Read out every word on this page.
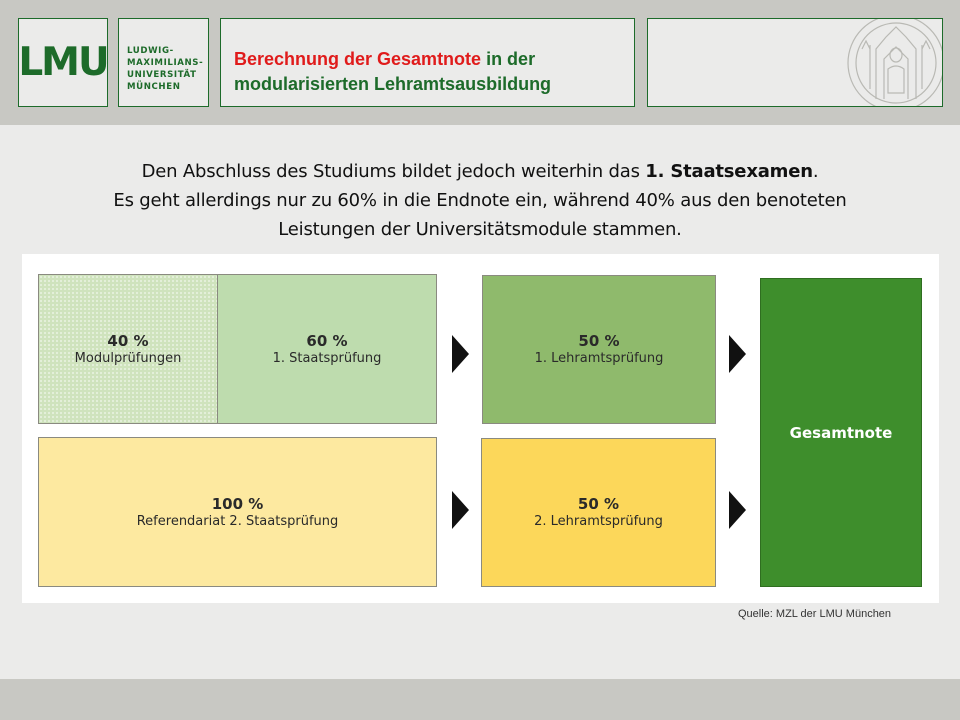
LMU LUDWIG-
MAXIMILIANS-
UNIVERSITÄT
MÜNCHEN
Berechnung der Gesamtnote in der
modularisierten Lehramtsausbildung
Den Abschluss des Studiums bildet jedoch weiterhin das 1. Staatsexamen.
Es geht allerdings nur zu 60% in die Endnote ein, während 40% aus den benoteten
Leistungen der Universitätsmodule stammen.
40 %
Modulprüfungen
60 %
1. Staatsprüfung
50 %
1. Lehramtsprüfung
100 %
Referendariat 2. Staatsprüfung
50 %
2. Lehramtsprüfung
Gesamtnote
Quelle: MZL der LMU München
